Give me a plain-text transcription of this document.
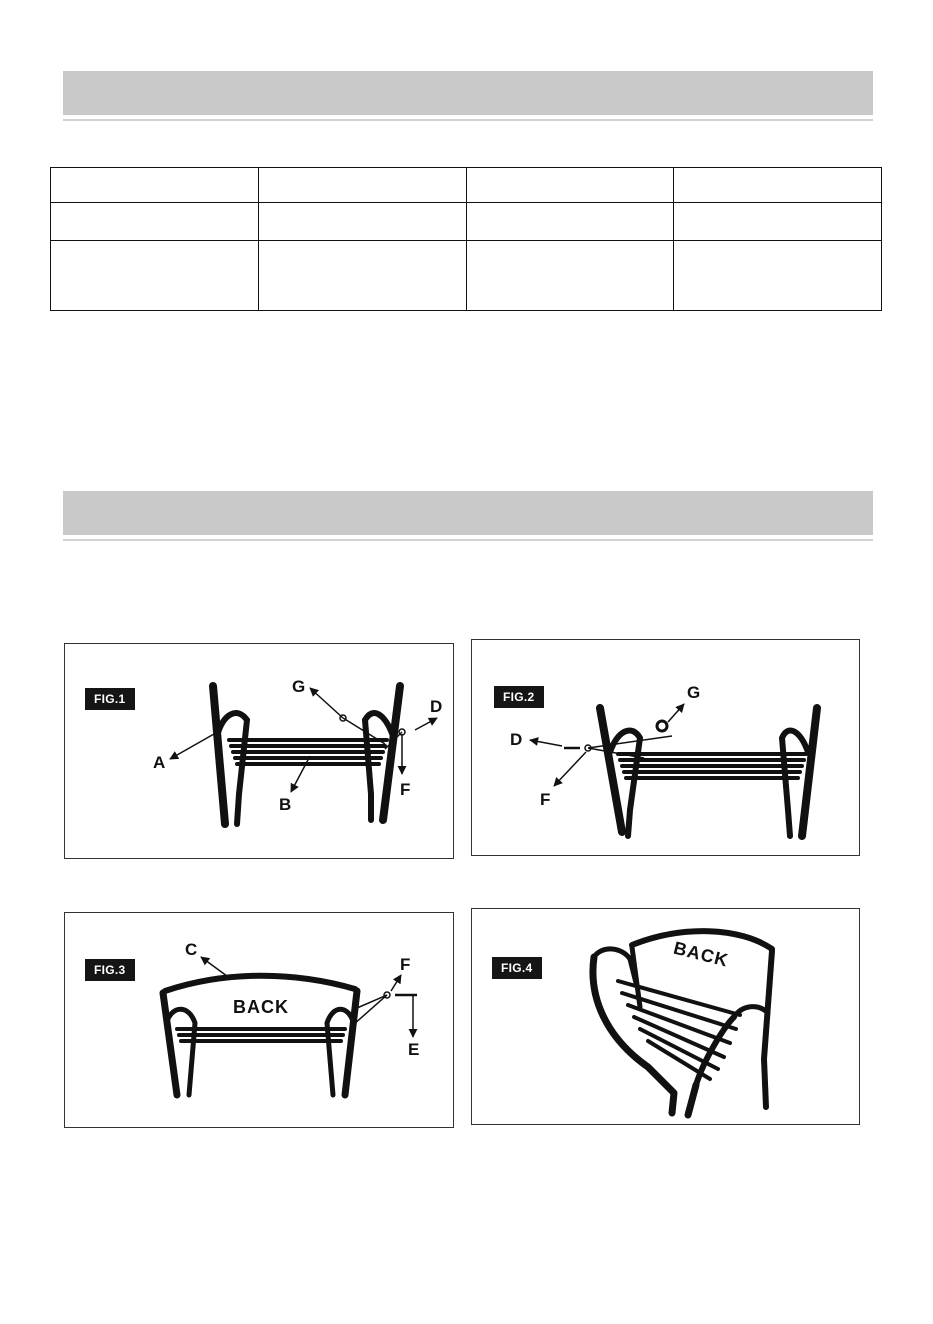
FIG.1
A
B
G
D
F
FIG.2	G
D
F
FIG.3
BACK
C
F
E
FIG.4	BACK
